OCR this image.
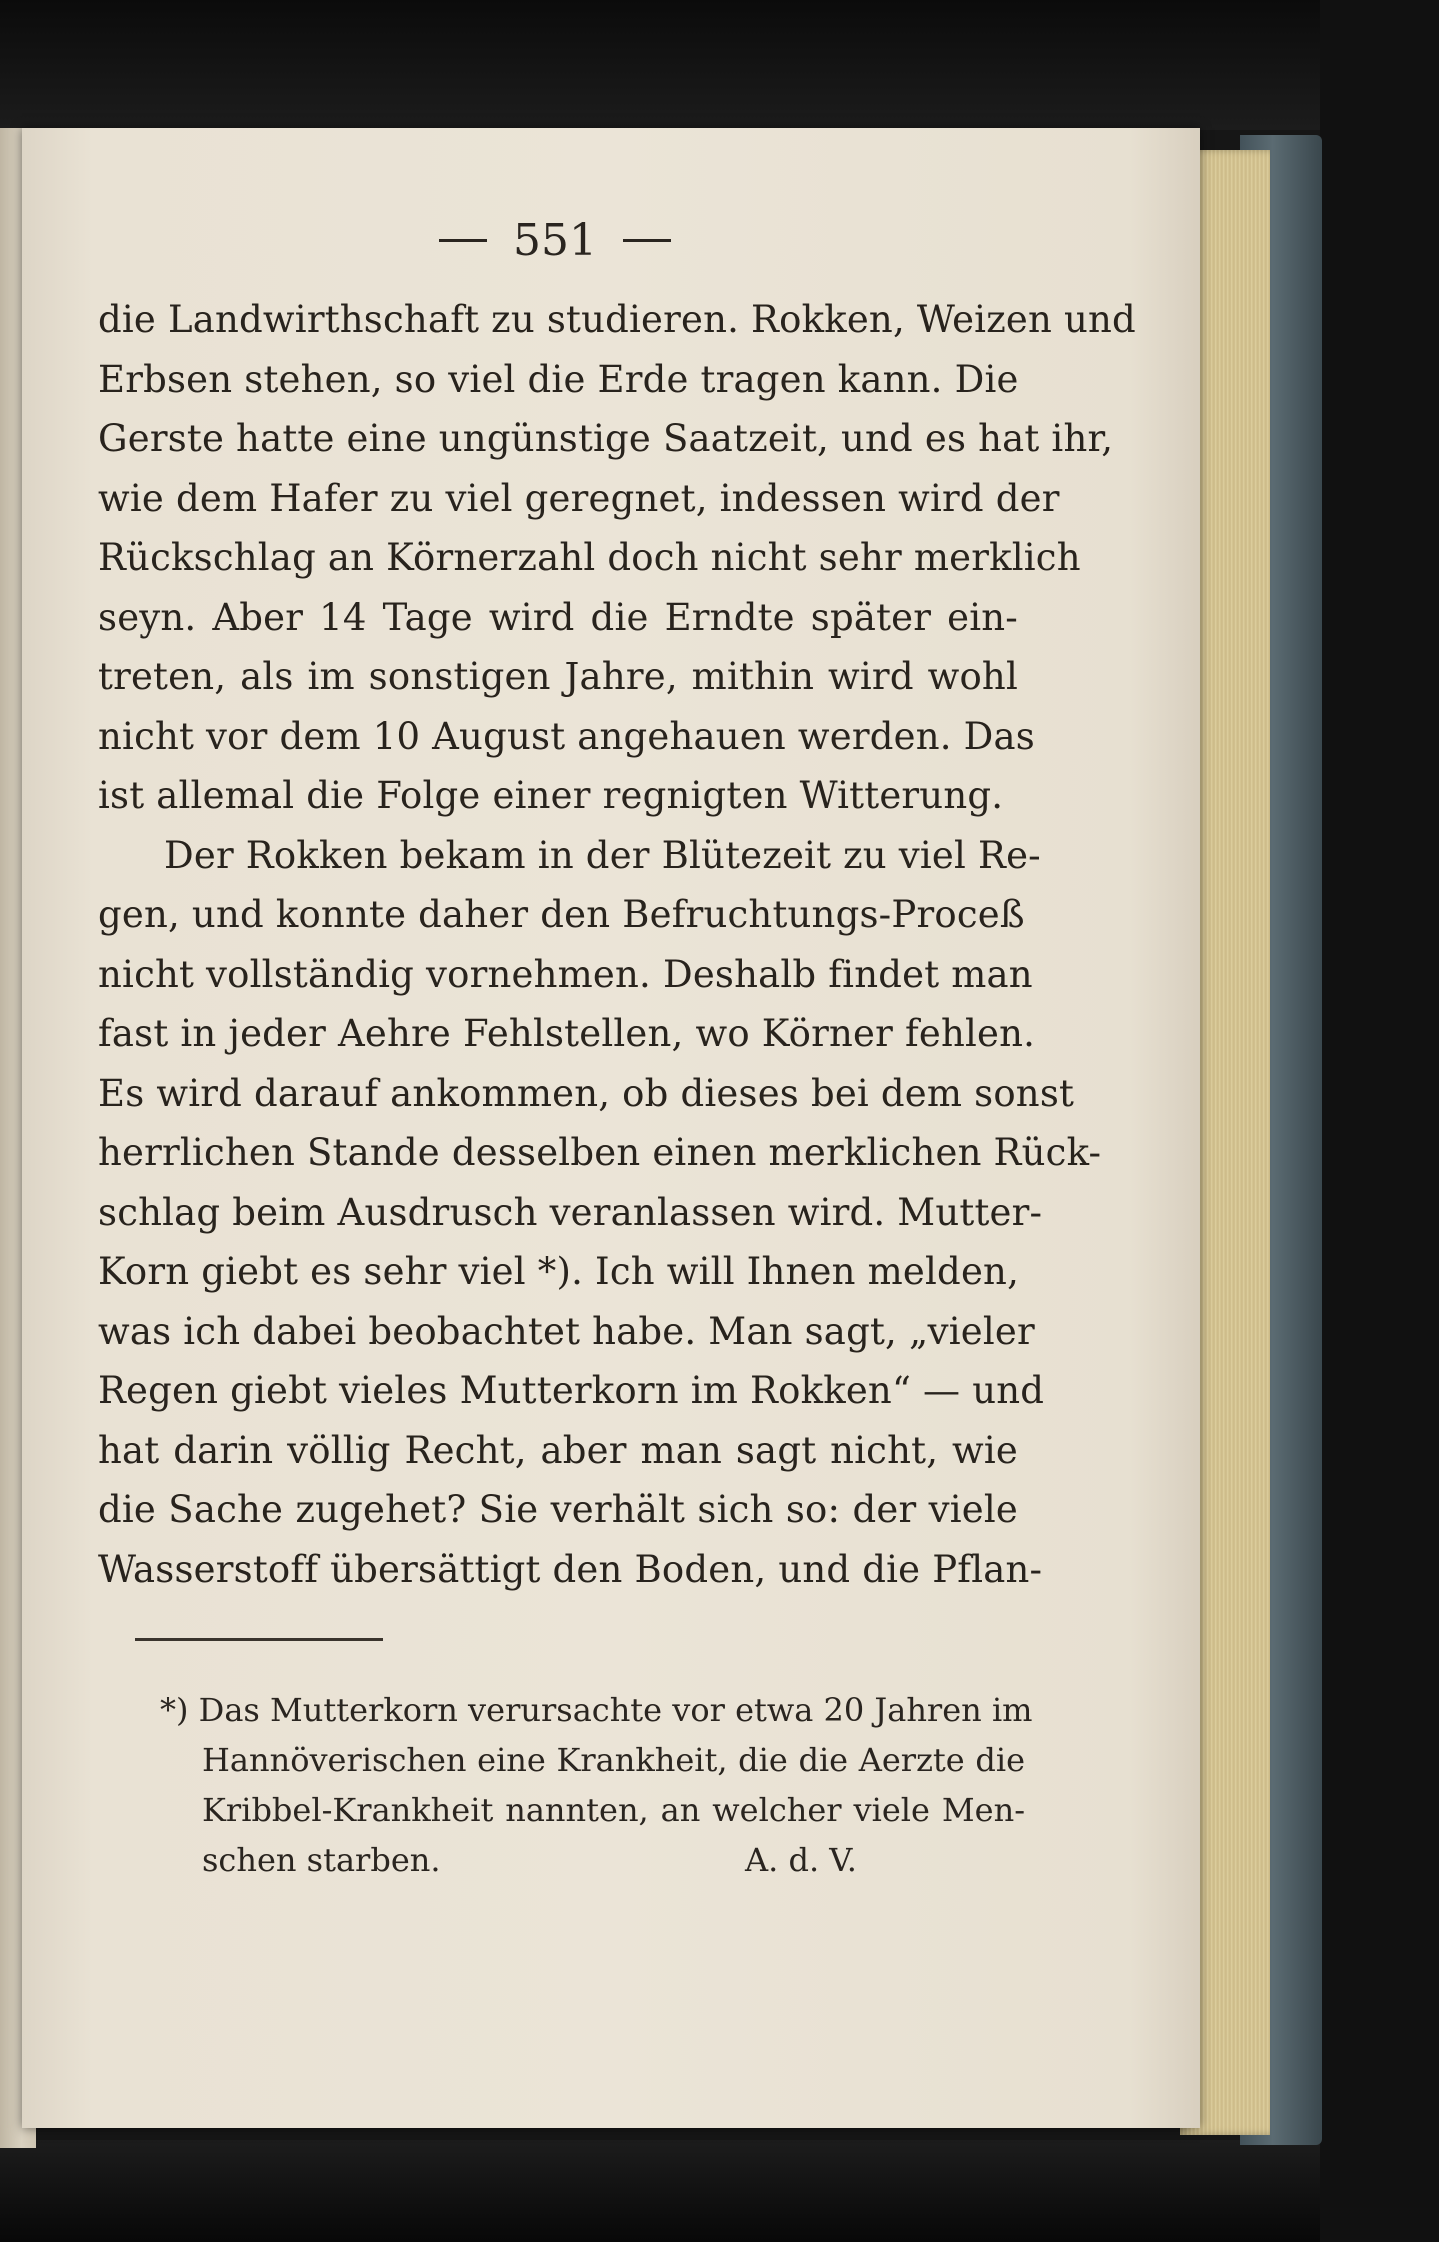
551
die Landwirthschaft zu studieren. Rokken, Weizen und
Erbsen stehen, so viel die Erde tragen kann. Die
Gerste hatte eine ungünstige Saatzeit, und es hat ihr,
wie dem Hafer zu viel geregnet, indessen wird der
Rückschlag an Körnerzahl doch nicht sehr merklich
seyn. Aber 14 Tage wird die Erndte später ein-
treten, als im sonstigen Jahre, mithin wird wohl
nicht vor dem 10 August angehauen werden. Das
ist allemal die Folge einer regnigten Witterung.
Der Rokken bekam in der Blütezeit zu viel Re-
gen, und konnte daher den Befruchtungs-Proceß
nicht vollständig vornehmen. Deshalb findet man
fast in jeder Aehre Fehlstellen, wo Körner fehlen.
Es wird darauf ankommen, ob dieses bei dem sonst
herrlichen Stande desselben einen merklichen Rück-
schlag beim Ausdrusch veranlassen wird. Mutter-
Korn giebt es sehr viel *). Ich will Ihnen melden,
was ich dabei beobachtet habe. Man sagt, „vieler
Regen giebt vieles Mutterkorn im Rokken“ — und
hat darin völlig Recht, aber man sagt nicht, wie
die Sache zugehet? Sie verhält sich so: der viele
Wasserstoff übersättigt den Boden, und die Pflan-
*) Das Mutterkorn verursachte vor etwa 20 Jahren im
Hannöverischen eine Krankheit, die die Aerzte die
Kribbel-Krankheit nannten, an welcher viele Men-
schen starben.	A. d. V.
